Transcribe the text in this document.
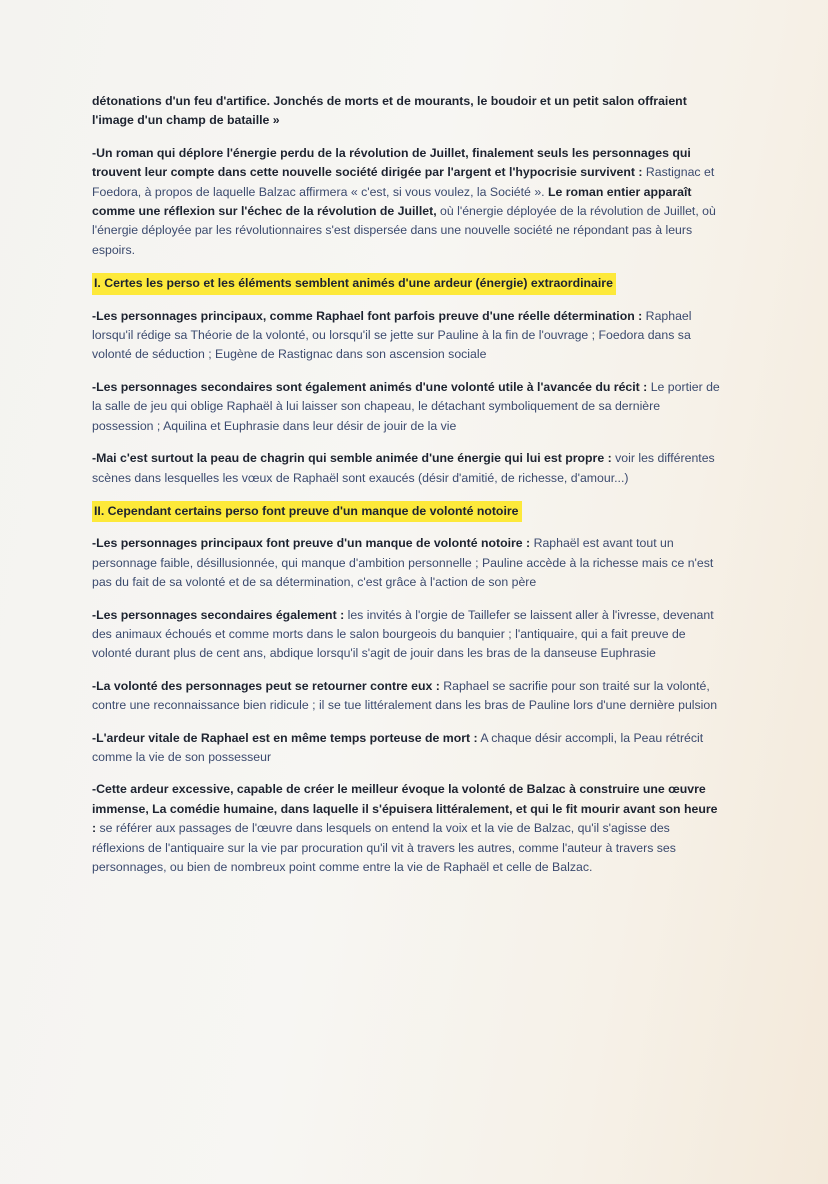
détonations d'un feu d'artifice. Jonchés de morts et de mourants, le boudoir et un petit salon offraient l'image d'un champ de bataille »

-Un roman qui déplore l'énergie perdu de la révolution de Juillet, finalement seuls les personnages qui trouvent leur compte dans cette nouvelle société dirigée par l'argent et l'hypocrisie survivent : Rastignac et Foedora, à propos de laquelle Balzac affirmera « c'est, si vous voulez, la Société ». Le roman entier apparaît comme une réflexion sur l'échec de la révolution de Juillet, où l'énergie déployée de la révolution de Juillet, où l'énergie déployée par les révolutionnaires s'est dispersée dans une nouvelle société ne répondant pas à leurs espoirs.

I. Certes les perso et les éléments semblent animés d'une ardeur (énergie) extraordinaire

-Les personnages principaux, comme Raphael font parfois preuve d'une réelle détermination : Raphael lorsqu'il rédige sa Théorie de la volonté, ou lorsqu'il se jette sur Pauline à la fin de l'ouvrage ; Foedora dans sa volonté de séduction ; Eugène de Rastignac dans son ascension sociale

-Les personnages secondaires sont également animés d'une volonté utile à l'avancée du récit : Le portier de la salle de jeu qui oblige Raphaël à lui laisser son chapeau, le détachant symboliquement de sa dernière possession ; Aquilina et Euphrasie dans leur désir de jouir de la vie

-Mai c'est surtout la peau de chagrin qui semble animée d'une énergie qui lui est propre : voir les différentes scènes dans lesquelles les vœux de Raphaël sont exaucés (désir d'amitié, de richesse, d'amour...)

II. Cependant certains perso font preuve d'un manque de volonté notoire

-Les personnages principaux font preuve d'un manque de volonté notoire : Raphaël est avant tout un personnage faible, désillusionnée, qui manque d'ambition personnelle ; Pauline accède à la richesse mais ce n'est pas du fait de sa volonté et de sa détermination, c'est grâce à l'action de son père

-Les personnages secondaires également : les invités à l'orgie de Taillefer se laissent aller à l'ivresse, devenant des animaux échoués et comme morts dans le salon bourgeois du banquier ; l'antiquaire, qui a fait preuve de volonté durant plus de cent ans, abdique lorsqu'il s'agit de jouir dans les bras de la danseuse Euphrasie

-La volonté des personnages peut se retourner contre eux : Raphael se sacrifie pour son traité sur la volonté, contre une reconnaissance bien ridicule ; il se tue littéralement dans les bras de Pauline lors d'une dernière pulsion

-L'ardeur vitale de Raphael est en même temps porteuse de mort : A chaque désir accompli, la Peau rétrécit comme la vie de son possesseur

-Cette ardeur excessive, capable de créer le meilleur évoque la volonté de Balzac à construire une œuvre immense, La comédie humaine, dans laquelle il s'épuisera littéralement, et qui le fit mourir avant son heure : se référer aux passages de l'œuvre dans lesquels on entend la voix et la vie de Balzac, qu'il s'agisse des réflexions de l'antiquaire sur la vie par procuration qu'il vit à travers les autres, comme l'auteur à travers ses personnages, ou bien de nombreux point comme entre la vie de Raphaël et celle de Balzac.
